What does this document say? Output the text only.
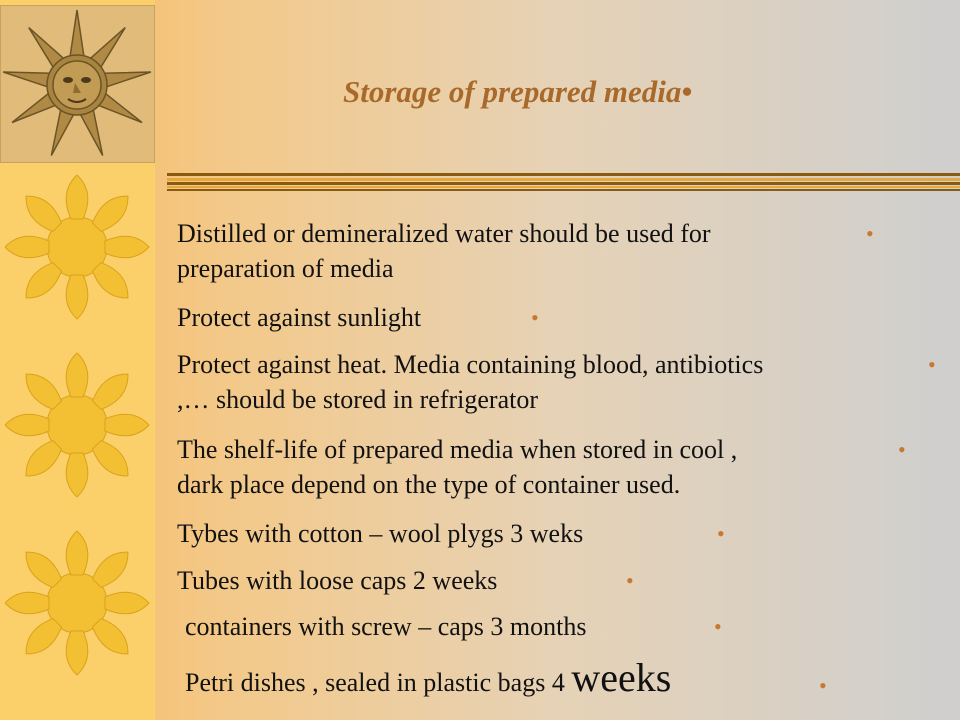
Storage of prepared media•
Distilled or demineralized water should be used for
preparation of media
•
Protect against sunlight	•
Protect against heat. Media containing blood, antibiotics
,… should be stored in refrigerator
•
The shelf-life of prepared media when stored in cool ,
dark place depend on the type of container used.
•
Tybes with cotton – wool plygs 3 weks	•
Tubes with loose caps 2 weeks	•
containers with screw – caps 3 months	•
Petri dishes , sealed in plastic bags 4 weeks	•
